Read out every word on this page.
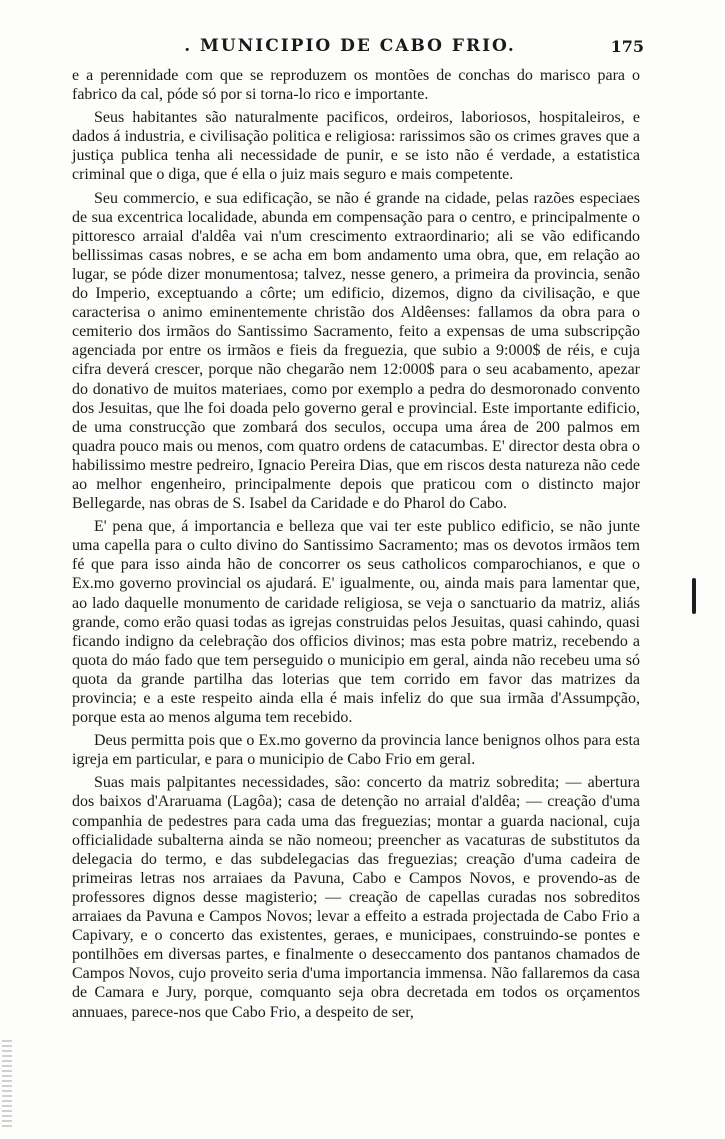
. MUNICIPIO DE CABO FRIO.	175

e a perennidade com que se reproduzem os montões de conchas do marisco para o fabrico da cal, póde só por si torna-lo rico e importante.

Seus habitantes são naturalmente pacificos, ordeiros, laboriosos, hospitaleiros, e dados á industria, e civilisação politica e religiosa: rarissimos são os crimes graves que a justiça publica tenha ali necessidade de punir, e se isto não é verdade, a estatistica criminal que o diga, que é ella o juiz mais seguro e mais competente.

Seu commercio, e sua edificação, se não é grande na cidade, pelas razões especiaes de sua excentrica localidade, abunda em compensação para o centro, e principalmente o pittoresco arraial d'aldêa vai n'um crescimento extraordinario; ali se vão edificando bellissimas casas nobres, e se acha em bom andamento uma obra, que, em relação ao lugar, se póde dizer monumentosa; talvez, nesse genero, a primeira da provincia, senão do Imperio, exceptuando a côrte; um edificio, dizemos, digno da civilisação, e que caracterisa o animo eminentemente christão dos Aldêenses: fallamos da obra para o cemiterio dos irmãos do Santissimo Sacramento, feito a expensas de uma subscripção agenciada por entre os irmãos e fieis da freguezia, que subio a 9:000$ de réis, e cuja cifra deverá crescer, porque não chegarão nem 12:000$ para o seu acabamento, apezar do donativo de muitos materiaes, como por exemplo a pedra do desmoronado convento dos Jesuitas, que lhe foi doada pelo governo geral e provincial. Este importante edificio, de uma construcção que zombará dos seculos, occupa uma área de 200 palmos em quadra pouco mais ou menos, com quatro ordens de catacumbas. E' director desta obra o habilissimo mestre pedreiro, Ignacio Pereira Dias, que em riscos desta natureza não cede ao melhor engenheiro, principalmente depois que praticou com o distincto major Bellegarde, nas obras de S. Isabel da Caridade e do Pharol do Cabo.

E' pena que, á importancia e belleza que vai ter este publico edificio, se não junte uma capella para o culto divino do Santissimo Sacramento; mas os devotos irmãos tem fé que para isso ainda hão de concorrer os seus catholicos comparochianos, e que o Ex.mo governo provincial os ajudará. E' igualmente, ou, ainda mais para lamentar que, ao lado daquelle monumento de caridade religiosa, se veja o sanctuario da matriz, aliás grande, como erão quasi todas as igrejas construidas pelos Jesuitas, quasi cahindo, quasi ficando indigno da celebração dos officios divinos; mas esta pobre matriz, recebendo a quota do máo fado que tem perseguido o municipio em geral, ainda não recebeu uma só quota da grande partilha das loterias que tem corrido em favor das matrizes da provincia; e a este respeito ainda ella é mais infeliz do que sua irmãa d'Assumpção, porque esta ao menos alguma tem recebido.

Deus permitta pois que o Ex.mo governo da provincia lance benignos olhos para esta igreja em particular, e para o municipio de Cabo Frio em geral.

Suas mais palpitantes necessidades, são: concerto da matriz sobredita; — abertura dos baixos d'Araruama (Lagôa); casa de detenção no arraial d'aldêa; — creação d'uma companhia de pedestres para cada uma das freguezias; montar a guarda nacional, cuja officialidade subalterna ainda se não nomeou; preencher as vacaturas de substitutos da delegacia do termo, e das subdelegacias das freguezias; creação d'uma cadeira de primeiras letras nos arraiaes da Pavuna, Cabo e Campos Novos, e provendo-as de professores dignos desse magisterio; — creação de capellas curadas nos sobreditos arraiaes da Pavuna e Campos Novos; levar a effeito a estrada projectada de Cabo Frio a Capivary, e o concerto das existentes, geraes, e municipaes, construindo-se pontes e pontilhões em diversas partes, e finalmente o deseccamento dos pantanos chamados de Campos Novos, cujo proveito seria d'uma importancia immensa. Não fallaremos da casa de Camara e Jury, porque, comquanto seja obra decretada em todos os orçamentos annuaes, parece-nos que Cabo Frio, a despeito de ser,
